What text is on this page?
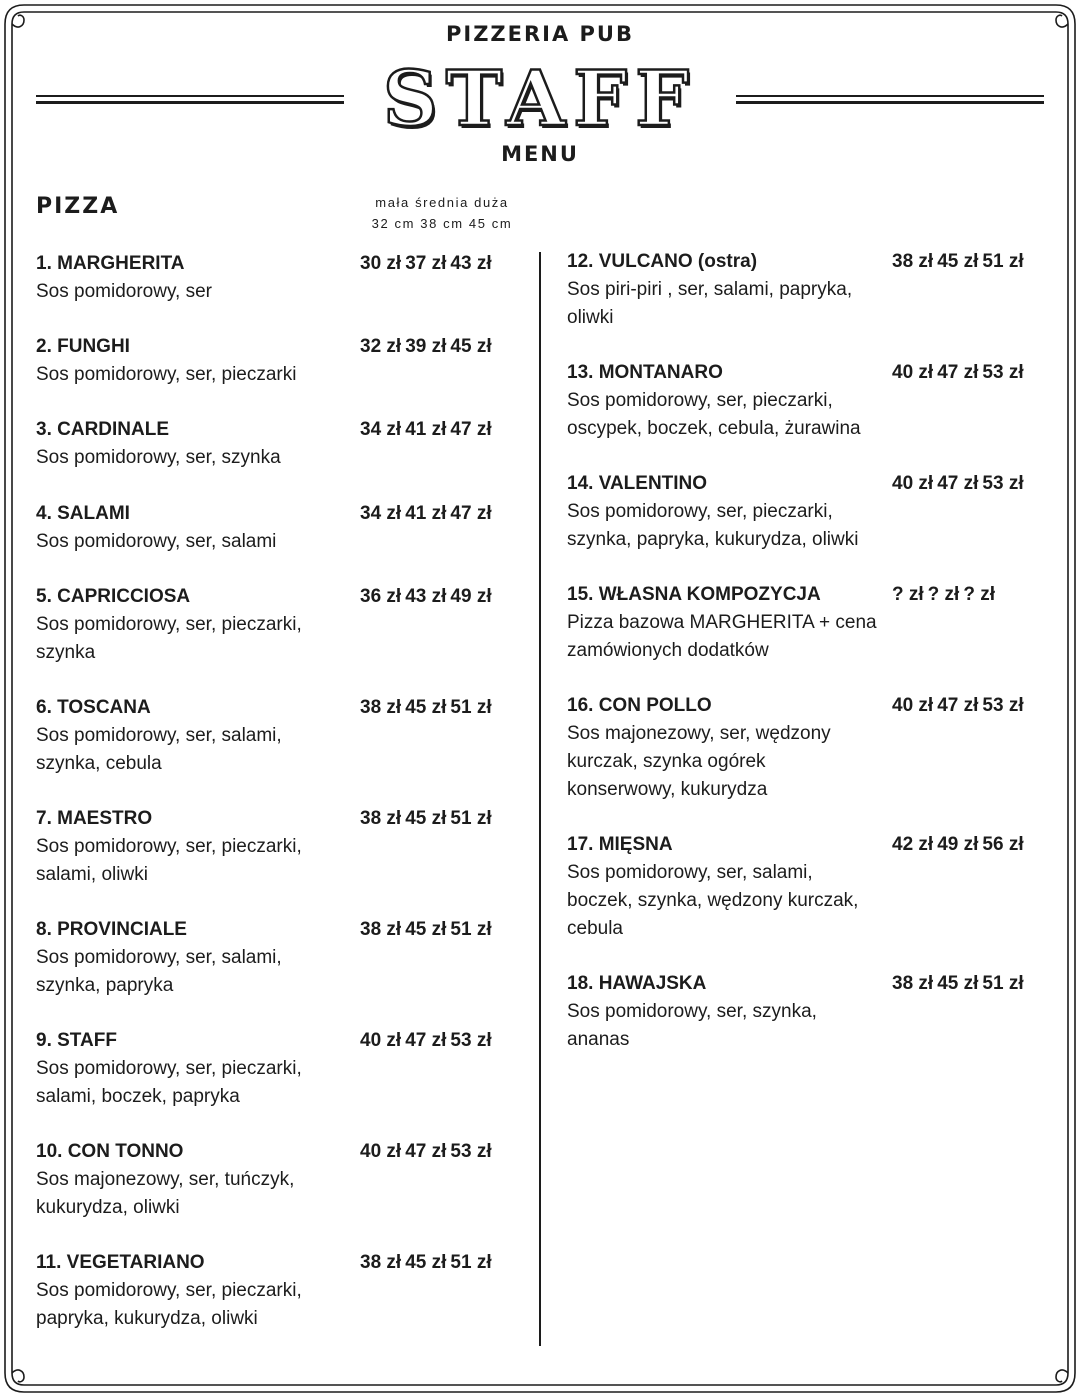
PIZZERIA PUB
STAFF
MENU
PIZZA	mała średnia duża
32 cm 38 cm 45 cm
1. MARGHERITA
Sos pomidorowy, ser
30 zł 37 zł 43 zł
2. FUNGHI
Sos pomidorowy, ser, pieczarki
32 zł 39 zł 45 zł
3. CARDINALE
Sos pomidorowy, ser, szynka
34 zł 41 zł 47 zł
4. SALAMI
Sos pomidorowy, ser, salami
34 zł 41 zł 47 zł
5. CAPRICCIOSA
Sos pomidorowy, ser, pieczarki, szynka
36 zł 43 zł 49 zł
6. TOSCANA
Sos pomidorowy, ser, salami, szynka, cebula
38 zł 45 zł 51 zł
7. MAESTRO
Sos pomidorowy, ser, pieczarki, salami, oliwki
38 zł 45 zł 51 zł
8. PROVINCIALE
Sos pomidorowy, ser, salami, szynka, papryka
38 zł 45 zł 51 zł
9. STAFF
Sos pomidorowy, ser, pieczarki, salami, boczek, papryka
40 zł 47 zł 53 zł
10. CON TONNO
Sos majonezowy, ser, tuńczyk, kukurydza, oliwki
40 zł 47 zł 53 zł
11. VEGETARIANO
Sos pomidorowy, ser, pieczarki, papryka, kukurydza, oliwki
38 zł 45 zł 51 zł
12. VULCANO (ostra)
Sos piri-piri , ser, salami, papryka, oliwki
38 zł 45 zł 51 zł
13. MONTANARO
Sos pomidorowy, ser, pieczarki, oscypek, boczek, cebula, żurawina
40 zł 47 zł 53 zł
14. VALENTINO
Sos pomidorowy, ser, pieczarki, szynka, papryka, kukurydza, oliwki
40 zł 47 zł 53 zł
15. WŁASNA KOMPOZYCJA
Pizza bazowa MARGHERITA + cena zamówionych dodatków
? zł ? zł ? zł
16. CON POLLO
Sos majonezowy, ser, wędzony kurczak, szynka ogórek konserwowy, kukurydza
40 zł 47 zł 53 zł
17. MIĘSNA
Sos pomidorowy, ser, salami, boczek, szynka, wędzony kurczak, cebula
42 zł 49 zł 56 zł
18. HAWAJSKA
Sos pomidorowy, ser, szynka, ananas
38 zł 45 zł 51 zł
